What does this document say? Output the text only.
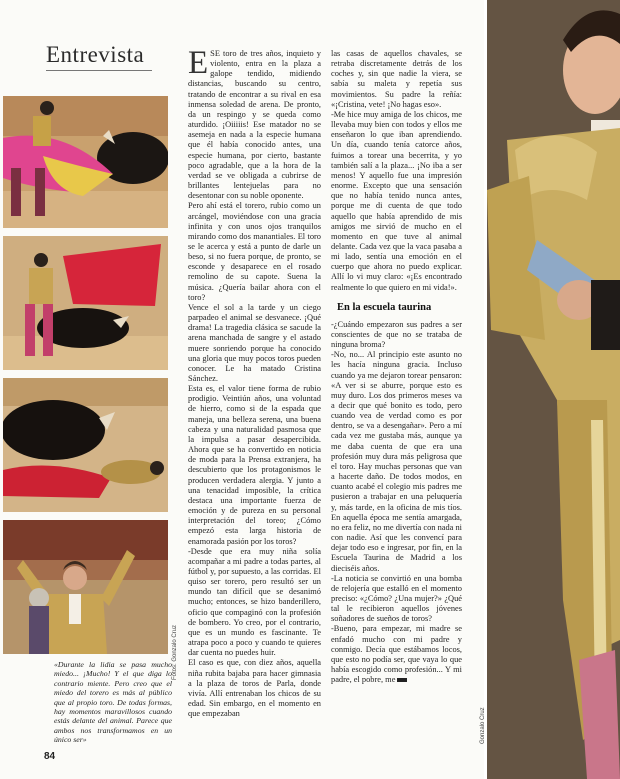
Entrevista
Fotos: Gonzalo Cruz
«Durante la lidia se pasa mucho miedo... ¡Mucho! Y el que diga lo contrario miente. Pero creo que el miedo del torero es más al público que al propio toro. De todas formas, hay momentos maravillosos cuando estás delante del animal. Parece que ambos nos transformamos en un único ser»
84
E SE toro de tres años, inquieto y violento, entra en la plaza a galope tendido, midiendo distancias, buscando su centro, tratando de encontrar a su rival en esa inmensa soledad de arena. De pronto, da un respingo y se queda como aturdido. ¡Oiiiiis! Ese matador no se asemeja en nada a la especie humana que él había conocido antes, una especie humana, por cierto, bastante poco agradable, que a la hora de la verdad se ve obligada a cubrirse de brillantes lentejuelas para no desentonar con su noble oponente.

Pero ahí está el torero, rubio como un arcángel, moviéndose con una gracia infinita y con unos ojos tranquilos mirando como dos manantiales. El toro se le acerca y está a punto de darle un beso, si no fuera porque, de pronto, se esconde y desaparece en el rosado remolino de su capote. Suena la música. ¿Quería bailar ahora con el toro?

Vence el sol a la tarde y un ciego parpadeo el animal se desvanece. ¡Qué drama! La tragedia clásica se sacude la arena manchada de sangre y el astado muere sonriendo porque ha conocido una gloria que muy pocos toros pueden conocer. Le ha matado Cristina Sánchez.

Esta es, el valor tiene forma de rubio prodigio. Veintiún años, una voluntad de hierro, como si de la espada que maneja, una belleza serena, una buena cabeza y una naturalidad pasmosa que la impulsa a pasar desapercibida. Ahora que se ha convertido en noticia de moda para la Prensa extranjera, ha descubierto que los protagonismos le producen verdadera alergia. Y junto a una tenacidad imposible, la crítica destaca una importante fuerza de emoción y de pureza en su personal interpretación del toreo; ¿Cómo empezó esta larga historia de enamorada pasión por los toros?

-Desde que era muy niña solía acompañar a mi padre a todas partes, al fútbol y, por supuesto, a las corridas. El quiso ser torero, pero resultó ser un mundo tan difícil que se desanimó mucho; entonces, se hizo banderillero, oficio que compaginó con la profesión de bombero. Yo creo, por el contrario, que es un mundo es fascinante. Te atrapa poco a poco y cuando te quieres dar cuenta no puedes huir.

El caso es que, con diez años, aquella niña rubita bajaba para hacer gimnasia a la plaza de toros de Parla, donde vivía. Allí entrenaban los chicos de su edad. Sin embargo, en el momento en que empezaban

las casas de aquellos chavales, se retraba discretamente detrás de los coches y, sin que nadie la viera, se sabía su maleta y repetía sus movimientos. Su padre la reñía: «¡Cristina, vete! ¡No hagas eso».

-Me hice muy amiga de los chicos, me llevaba muy bien con todos y ellos me enseñaron lo que iban aprendiendo. Un día, cuando tenía catorce años, fuimos a torear una becerrita, y yo también salí a la plaza... ¡No iba a ser menos! Y aquello fue una impresión enorme. Excepto que una sensación que no había tenido nunca antes, porque me di cuenta de que todo aquello que había aprendido de mis amigos me sirvió de mucho en el momento en que tuve al animal delante. Cada vez que la vaca pasaba a mi lado, sentía una emoción en el cuerpo que ahora no puedo explicar. Allí lo vi muy claro: «¡Es encontrado realmente lo que quiero en mi vida!».

En la escuela taurina

-¿Cuándo empezaron sus padres a ser conscientes de que no se trataba de ninguna broma?

-No, no... Al principio este asunto no les hacía ninguna gracia. Incluso cuando ya me dejaron torear pensaron: «A ver si se aburre, porque esto es muy duro. Los dos primeros meses va a decir que qué bonito es todo, pero cuando vea de verdad como es por dentro, se va a desengañar». Pero a mí cada vez me gustaba más, aunque ya me daba cuenta de que era una profesión muy dura más peligrosa que el toro. Hay muchas personas que van a hacerte daño. De todos modos, en cuanto acabé el colegio mis padres me pusieron a trabajar en una peluquería y, más tarde, en la oficina de mis tíos. En aquella época me sentía amargada, no era feliz, no me divertía con nada ni con nadie. Así que les convencí para dejar todo eso e ingresar, por fin, en la Escuela Taurina de Madrid a los dieciséis años.

-La noticia se convirtió en una bomba de relojería que estalló en el momento preciso: «¿Cómo? ¿Una mujer?» ¿Qué tal le recibieron aquellos jóvenes soñadores de sueños de toros?

-Bueno, para empezar, mi madre se enfadó mucho con mi padre y conmigo. Decía que estábamos locos, que esto no podía ser, que vaya lo que había escogido como profesión... Y mi padre, el pobre, me

Gonzalo Cruz
